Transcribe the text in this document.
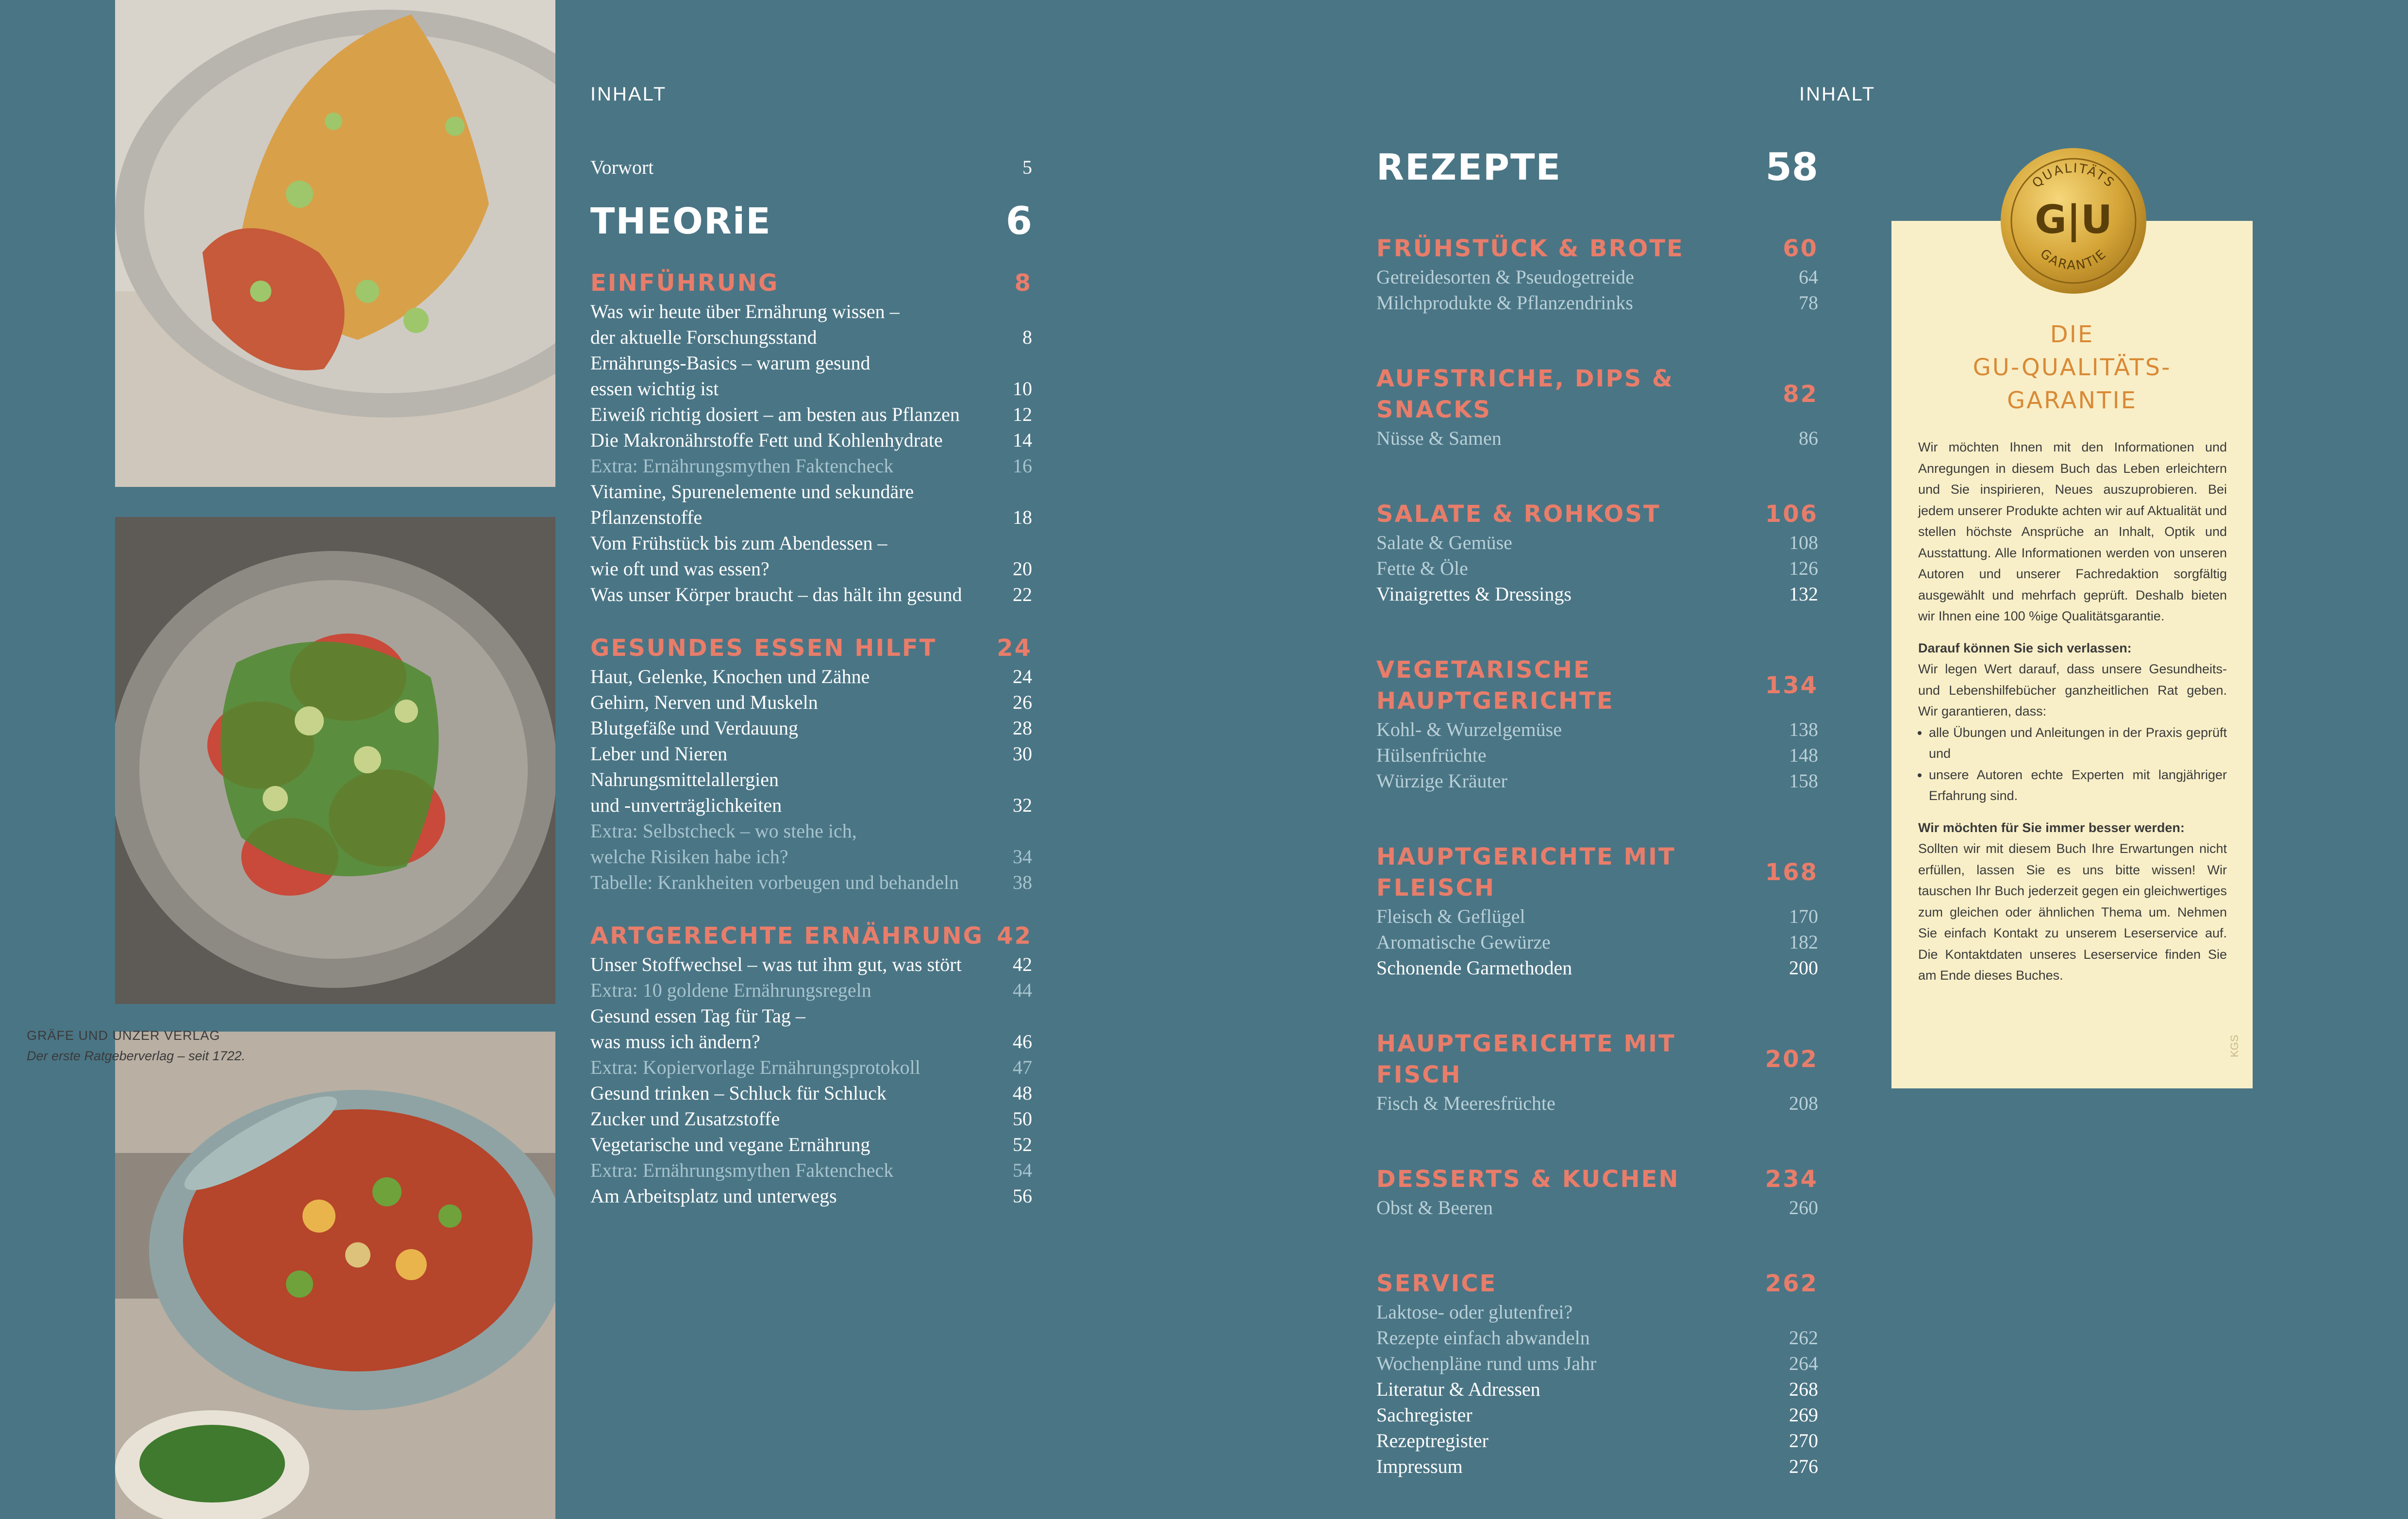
INHALT	INHALT
Vorwort	5
THEORiE	6
EINFÜHRUNG	8
Was wir heute über Ernährung wissen –
der aktuelle Forschungsstand	8
Ernährungs-Basics – warum gesund
essen wichtig ist	10
Eiweiß richtig dosiert – am besten aus Pflanzen	12
Die Makronährstoffe Fett und Kohlenhydrate	14
Extra: Ernährungsmythen Faktencheck	16
Vitamine, Spurenelemente und sekundäre
Pflanzenstoffe	18
Vom Frühstück bis zum Abendessen –
wie oft und was essen?	20
Was unser Körper braucht – das hält ihn gesund	22
GESUNDES ESSEN HILFT	24
Haut, Gelenke, Knochen und Zähne	24
Gehirn, Nerven und Muskeln	26
Blutgefäße und Verdauung	28
Leber und Nieren	30
Nahrungsmittelallergien
und -unverträglichkeiten	32
Extra: Selbstcheck – wo stehe ich,
welche Risiken habe ich?	34
Tabelle: Krankheiten vorbeugen und behandeln	38
ARTGERECHTE ERNÄHRUNG 42
Unser Stoffwechsel – was tut ihm gut, was stört	42
Extra: 10 goldene Ernährungsregeln	44
Gesund essen Tag für Tag –
was muss ich ändern?	46
Extra: Kopiervorlage Ernährungsprotokoll	47
Gesund trinken – Schluck für Schluck	48
Zucker und Zusatzstoffe	50
Vegetarische und vegane Ernährung	52
Extra: Ernährungsmythen Faktencheck	54
Am Arbeitsplatz und unterwegs	56
REZEPTE	58
FRÜHSTÜCK & BROTE	60
Getreidesorten & Pseudogetreide	64
Milchprodukte & Pflanzendrinks	78
AUFSTRICHE, DIPS & SNACKS
82
Nüsse & Samen	86
SALATE & ROHKOST	106
Salate & Gemüse	108
Fette & Öle	126
Vinaigrettes & Dressings	132
VEGETARISCHE HAUPTGERICHTE
134
Kohl- & Wurzelgemüse	138
Hülsenfrüchte	148
Würzige Kräuter	158
HAUPTGERICHTE MIT FLEISCH
168
Fleisch & Geflügel	170
Aromatische Gewürze	182
Schonende Garmethoden	200
HAUPTGERICHTE MIT FISCH
202
Fisch & Meeresfrüchte	208
DESSERTS & KUCHEN	234
Obst & Beeren	260
SERVICE	262
Laktose- oder glutenfrei?
Rezepte einfach abwandeln	262
Wochenpläne rund ums Jahr	264
Literatur & Adressen	268
Sachregister	269
Rezeptregister	270
Impressum	276
DIE
GU-QUALITÄTS-
GARANTIE

Wir möchten Ihnen mit den Informationen und Anregungen in diesem Buch das Leben erleichtern und Sie inspirieren, Neues auszuprobieren. Bei jedem unserer Produkte achten wir auf Aktualität und stellen höchste Ansprüche an Inhalt, Optik und Ausstattung. Alle Informationen werden von unseren Autoren und unserer Fachredaktion sorgfältig ausgewählt und mehrfach geprüft. Deshalb bieten wir Ihnen eine 100 %ige Qualitätsgarantie.

Darauf können Sie sich verlassen:

Wir legen Wert darauf, dass unsere Gesundheits- und Lebenshilfebücher ganzheitlichen Rat geben. Wir garantieren, dass:

• alle Übungen und Anleitungen in der Praxis geprüft und
• unsere Autoren echte Experten mit langjähriger Erfahrung sind.

Wir möchten für Sie immer besser werden:

Sollten wir mit diesem Buch Ihre Erwartungen nicht erfüllen, lassen Sie es uns bitte wissen! Wir tauschen Ihr Buch jederzeit gegen ein gleichwertiges zum gleichen oder ähnlichen Thema um. Nehmen Sie einfach Kontakt zu unserem Leserservice auf. Die Kontaktdaten unseres Leserservice finden Sie am Ende dieses Buches.

GRÄFE UND UNZER VERLAG
Der erste Ratgeberverlag – seit 1722.	KGS
QUALITÄTS
G|U
GARANTIE
